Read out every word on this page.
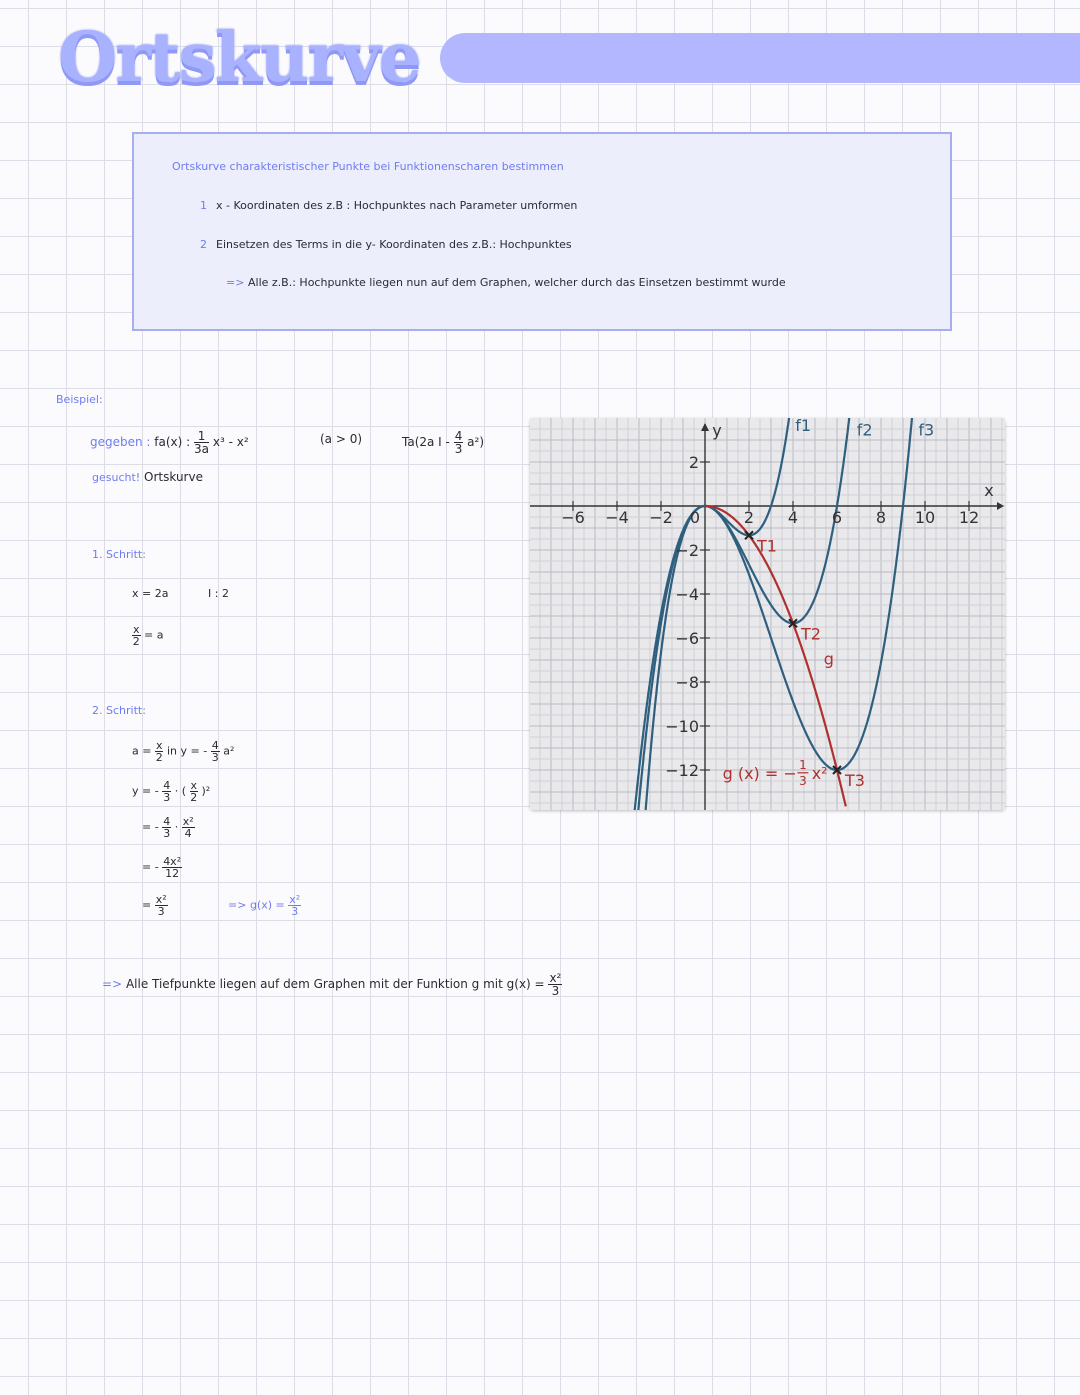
Ortskurve
Ortskurve charakteristischer Punkte bei Funktionenscharen bestimmen
1 x - Koordinaten des z.B : Hochpunktes nach Parameter umformen
2 Einsetzen des Terms in die y- Koordinaten des z.B.: Hochpunktes
=> Alle z.B.: Hochpunkte liegen nun auf dem Graphen, welcher durch das Einsetzen bestimmt wurde
Beispiel:
gegeben : fa(x) : $\frac{1}{3a} x^3 - x^2$	(a > 0)	Ta(2a I - $\frac{4}{3} a^2$)
gesucht! Ortskurve
1. Schritt:
x = 2a	I : 2
$\frac{x}{2} = a$
2. Schritt:
$a = \frac{x}{2}$ in y = - $\frac{4}{3} a^2$
y = - $\frac{4}{3}$ · ( $\frac{x}{2} )^2$
= - $\frac{4}{3} \cdot \frac{\text{x²}}{4}$
= - $\frac{\text{4x²}}{12}$
= $\frac{\text{x²}}{3}$	=> $g(x) = \frac{\text{x²}}{3}$
=> Alle Tiefpunkte liegen auf dem Graphen mit der Funktion g mit $g(x) = \frac{\text{x²}}{3}$
−6 −4 −2	2 4 6 8 10 12
2
−2
−4
−6
−8
−10
−12
0
x
y	f1	f2	f3
g
T1
T2
T3
g (x) = − 1
3 x²
